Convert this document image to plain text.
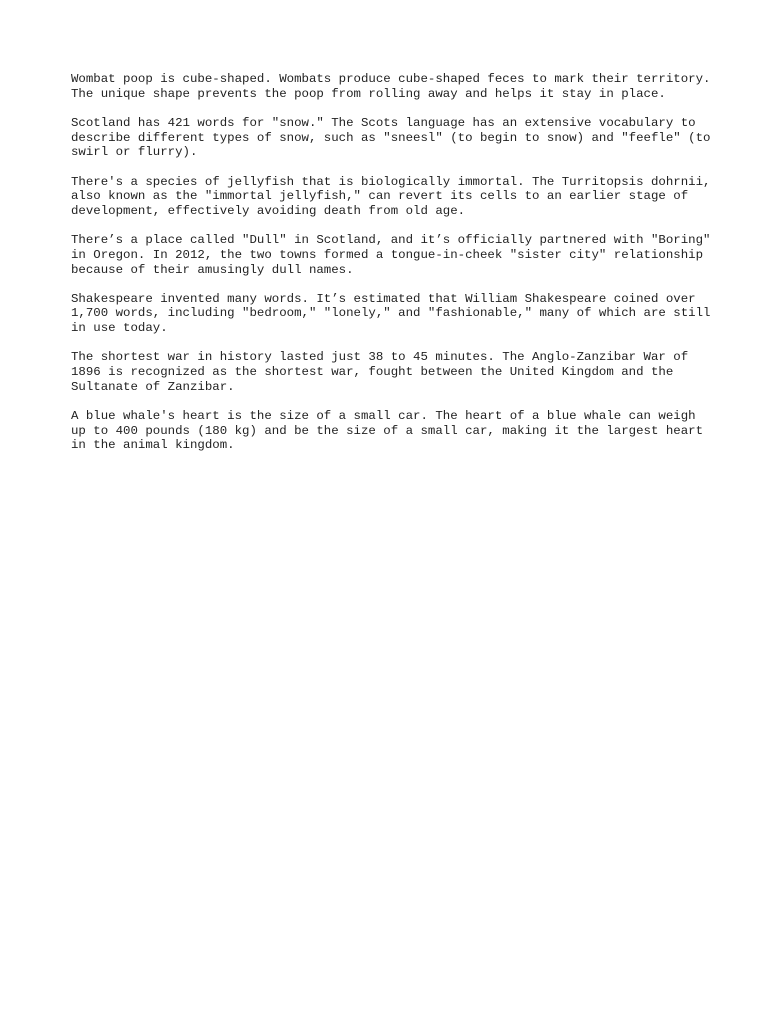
Wombat poop is cube-shaped. Wombats produce cube-shaped feces to mark their territory. The unique shape prevents the poop from rolling away and helps it stay in place.

Scotland has 421 words for "snow." The Scots language has an extensive vocabulary to describe different types of snow, such as "sneesl" (to begin to snow) and "feefle" (to swirl or flurry).

There's a species of jellyfish that is biologically immortal. The Turritopsis dohrnii, also known as the "immortal jellyfish," can revert its cells to an earlier stage of development, effectively avoiding death from old age.

There’s a place called "Dull" in Scotland, and it’s officially partnered with "Boring" in Oregon. In 2012, the two towns formed a tongue-in-cheek "sister city" relationship because of their amusingly dull names.

Shakespeare invented many words. It’s estimated that William Shakespeare coined over 1,700 words, including "bedroom," "lonely," and "fashionable," many of which are still in use today.

The shortest war in history lasted just 38 to 45 minutes. The Anglo-Zanzibar War of 1896 is recognized as the shortest war, fought between the United Kingdom and the Sultanate of Zanzibar.

A blue whale's heart is the size of a small car. The heart of a blue whale can weigh up to 400 pounds (180 kg) and be the size of a small car, making it the largest heart in the animal kingdom.
